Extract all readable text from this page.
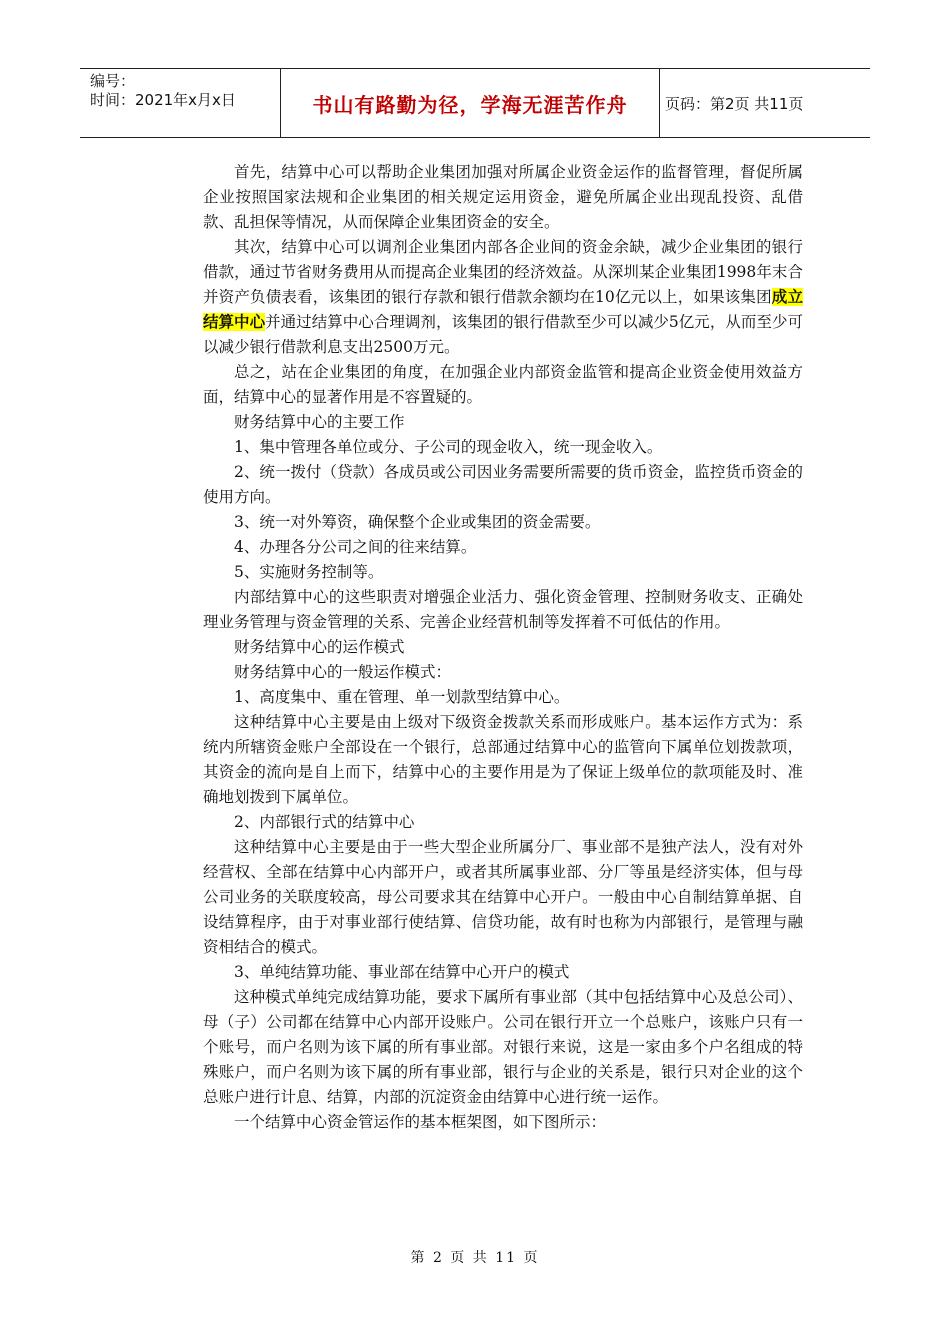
编号：
时间：2021年x月x日	书山有路勤为径，学海无涯苦作舟	页码：第2页 共11页

首先，结算中心可以帮助企业集团加强对所属企业资金运作的监督管理，督促所属企业按照国家法规和企业集团的相关规定运用资金，避免所属企业出现乱投资、乱借款、乱担保等情况，从而保障企业集团资金的安全。

其次，结算中心可以调剂企业集团内部各企业间的资金余缺，减少企业集团的银行借款，通过节省财务费用从而提高企业集团的经济效益。从深圳某企业集团1998年末合并资产负债表看，该集团的银行存款和银行借款余额均在10亿元以上，如果该集团成立结算中心并通过结算中心合理调剂，该集团的银行借款至少可以减少5亿元，从而至少可以减少银行借款利息支出2500万元。

总之，站在企业集团的角度，在加强企业内部资金监管和提高企业资金使用效益方面，结算中心的显著作用是不容置疑的。

财务结算中心的主要工作

1、集中管理各单位或分、子公司的现金收入，统一现金收入。

2、统一拨付（贷款）各成员或公司因业务需要所需要的货币资金，监控货币资金的使用方向。

3、统一对外筹资，确保整个企业或集团的资金需要。

4、办理各分公司之间的往来结算。

5、实施财务控制等。

内部结算中心的这些职责对增强企业活力、强化资金管理、控制财务收支、正确处理业务管理与资金管理的关系、完善企业经营机制等发挥着不可低估的作用。

财务结算中心的运作模式

财务结算中心的一般运作模式：

1、高度集中、重在管理、单一划款型结算中心。

这种结算中心主要是由上级对下级资金拨款关系而形成账户。基本运作方式为：系统内所辖资金账户全部设在一个银行，总部通过结算中心的监管向下属单位划拨款项，其资金的流向是自上而下，结算中心的主要作用是为了保证上级单位的款项能及时、准确地划拨到下属单位。

2、内部银行式的结算中心

这种结算中心主要是由于一些大型企业所属分厂、事业部不是独产法人，没有对外经营权、全部在结算中心内部开户，或者其所属事业部、分厂等虽是经济实体，但与母公司业务的关联度较高，母公司要求其在结算中心开户。一般由中心自制结算单据、自设结算程序，由于对事业部行使结算、信贷功能，故有时也称为内部银行，是管理与融资相结合的模式。

3、单纯结算功能、事业部在结算中心开户的模式

这种模式单纯完成结算功能，要求下属所有事业部（其中包括结算中心及总公司）、母（子）公司都在结算中心内部开设账户。公司在银行开立一个总账户，该账户只有一个账号，而户名则为该下属的所有事业部。对银行来说，这是一家由多个户名组成的特殊账户，而户名则为该下属的所有事业部，银行与企业的关系是，银行只对企业的这个总账户进行计息、结算，内部的沉淀资金由结算中心进行统一运作。

一个结算中心资金管运作的基本框架图，如下图所示：

第 2 页 共 11 页
